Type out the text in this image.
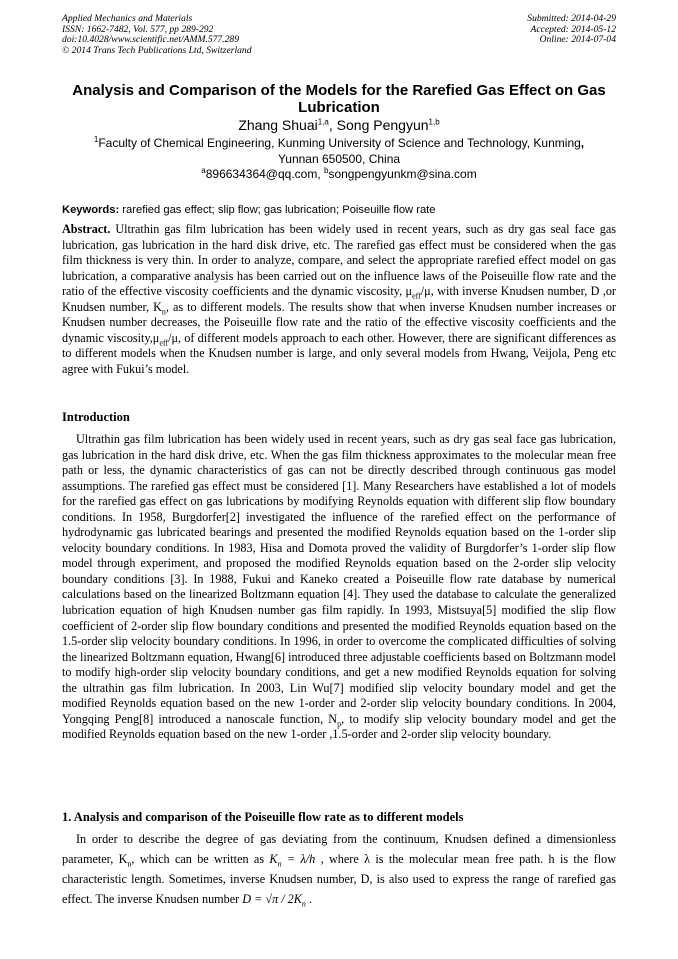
Applied Mechanics and Materials
ISSN: 1662-7482, Vol. 577, pp 289-292
doi:10.4028/www.scientific.net/AMM.577.289
© 2014 Trans Tech Publications Ltd, Switzerland
Submitted: 2014-04-29
Accepted: 2014-05-12
Online: 2014-07-04
Analysis and Comparison of the Models for the Rarefied Gas Effect on Gas Lubrication
Zhang Shuai$^{1,a}$, Song Pengyun$^{1,b}$
$^1$Faculty of Chemical Engineering, Kunming University of Science and Technology, Kunming,
Yunnan 650500, China
$^a$896634364@qq.com, $^b$songpengyunkm@sina.com
Keywords: rarefied gas effect; slip flow; gas lubrication; Poiseuille flow rate

Abstract. Ultrathin gas film lubrication has been widely used in recent years, such as dry gas seal face gas lubrication, gas lubrication in the hard disk drive, etc. The rarefied gas effect must be considered when the gas film thickness is very thin. In order to analyze, compare, and select the appropriate rarefied effect model on gas lubrication, a comparative analysis has been carried out on the influence laws of the Poiseuille flow rate and the ratio of the effective viscosity coefficients and the dynamic viscosity, $\mu_{eff}/\mu$, with inverse Knudsen number, D ,or Knudsen number, $K_n$, as to different models. The results show that when inverse Knudsen number increases or Knudsen number decreases, the Poiseuille flow rate and the ratio of the effective viscosity coefficients and the dynamic $viscosity,\mu_{eff}/\mu$, of different models approach to each other. However, there are significant differences as to different models when the Knudsen number is large, and only several models from Hwang, Veijola, Peng etc agree with Fukui’s model.

Introduction

Ultrathin gas film lubrication has been widely used in recent years, such as dry gas seal face gas lubrication, gas lubrication in the hard disk drive, etc. When the gas film thickness approximates to the molecular mean free path or less, the dynamic characteristics of gas can not be directly described through continuous gas model assumptions. The rarefied gas effect must be considered [1]. Many Researchers have established a lot of models for the rarefied gas effect on gas lubrications by modifying Reynolds equation with different slip flow boundary conditions. In 1958, Burgdorfer[2] investigated the influence of the rarefied effect on the performance of hydrodynamic gas lubricated bearings and presented the modified Reynolds equation based on the 1-order slip velocity boundary conditions. In 1983, Hisa and Domota proved the validity of Burgdorfer’s 1-order slip flow model through experiment, and proposed the modified Reynolds equation based on the 2-order slip velocity boundary conditions [3]. In 1988, Fukui and Kaneko created a Poiseuille flow rate database by numerical calculations based on the linearized Boltzmann equation [4]. They used the database to calculate the generalized lubrication equation of high Knudsen number gas film rapidly. In 1993, Mistsuya[5] modified the slip flow coefficient of 2-order slip flow boundary conditions and presented the modified Reynolds equation based on the 1.5-order slip velocity boundary conditions. In 1996, in order to overcome the complicated difficulties of solving the linearized Boltzmann equation, Hwang[6] introduced three adjustable coefficients based on Boltzmann model to modify high-order slip velocity boundary conditions, and get a new modified Reynolds equation for solving the ultrathin gas film lubrication. In 2003, Lin Wu[7] modified slip velocity boundary model and get the modified Reynolds equation based on the new 1-order and 2-order slip velocity boundary conditions. In 2004, Yongqing Peng[8] introduced a nanoscale function, $N_p$, to modify slip velocity boundary model and get the modified Reynolds equation based on the new 1-order ,1.5-order and 2-order slip velocity boundary.

1. Analysis and comparison of the Poiseuille flow rate as to different models

In order to describe the degree of gas deviating from the continuum, Knudsen defined a dimensionless parameter, $K_n$, which can be written as $K_n = \lambda/h$ , where λ is the molecular mean free path. h is the flow characteristic length. Sometimes, inverse Knudsen number, D, is also used to express the range of rarefied gas effect. The inverse Knudsen number $D = √\pi / 2K_n$ .
